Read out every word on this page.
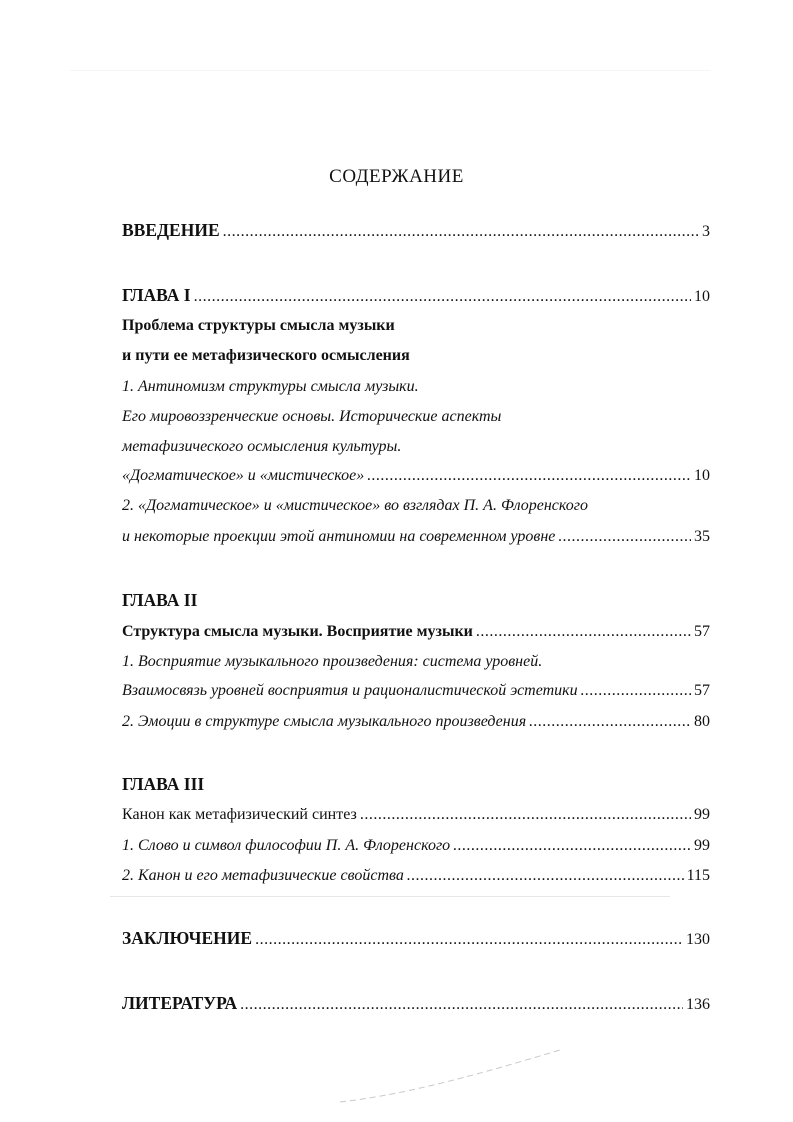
СОДЕРЖАНИЕ
ВВЕДЕНИЕ .....	3
ГЛАВА I .....	10
Проблема структуры смысла музыки
и пути ее метафизического осмысления
1. Антиномизм структуры смысла музыки.
Его мировоззренческие основы. Исторические аспекты
метафизического осмысления культуры.
«Догматическое» и «мистическое» .....	10
2. «Догматическое» и «мистическое» во взглядах П. А. Флоренского
и некоторые проекции этой антиномии на современном уровне .....	35
ГЛАВА II
Структура смысла музыки. Восприятие музыки .....	57
1. Восприятие музыкального произведения: система уровней.
Взаимосвязь уровней восприятия и рационалистической эстетики .....	57
2. Эмоции в структуре смысла музыкального произведения .....	80
ГЛАВА III
Канон как метафизический синтез .....	99
1. Слово и символ философии П. А. Флоренского .....	99
2. Канон и его метафизические свойства .....	115
ЗАКЛЮЧЕНИЕ .....	130
ЛИТЕРАТУРА .....	136
